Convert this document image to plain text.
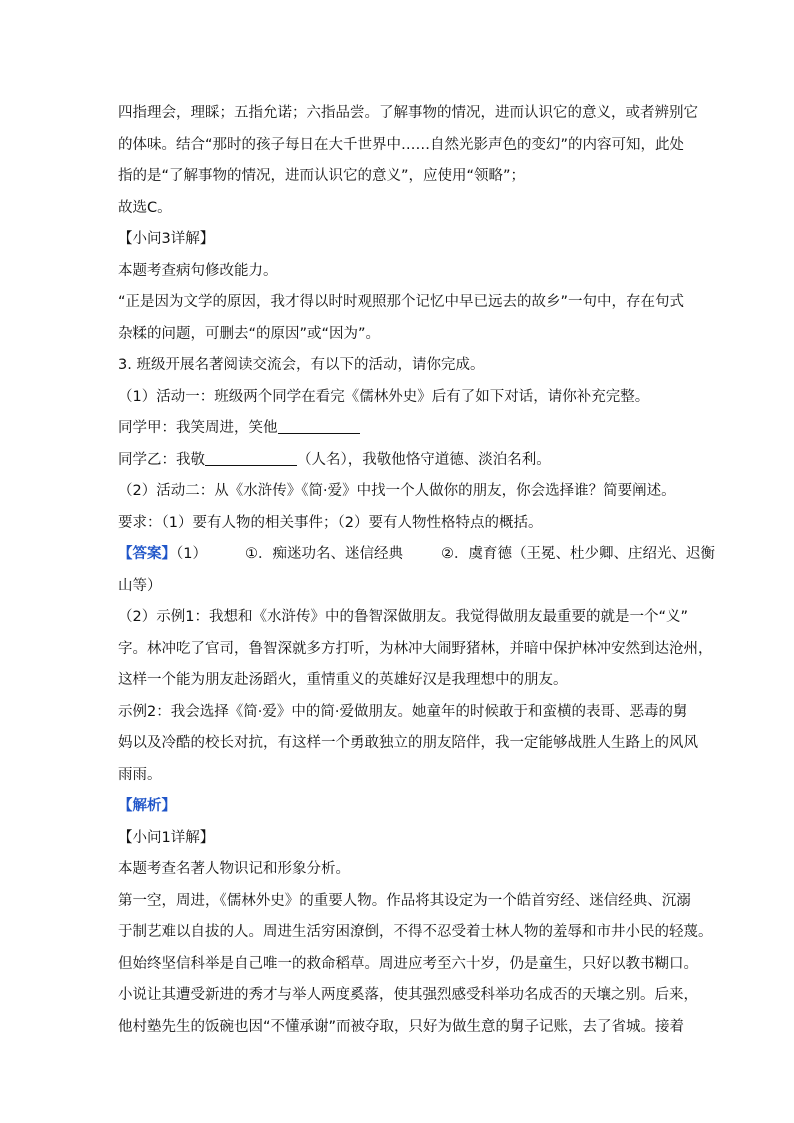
四指理会，理睬；五指允诺；六指品尝。了解事物的情况，进而认识它的意义，或者辨别它
的体味。结合“那时的孩子每日在大千世界中……自然光影声色的变幻”的内容可知，此处
指的是“了解事物的情况，进而认识它的意义”，应使用“领略”；
故选C。
【小问3详解】
本题考查病句修改能力。
“正是因为文学的原因，我才得以时时观照那个记忆中早已远去的故乡”一句中，存在句式
杂糅的问题，可删去“的原因”或“因为”。
3. 班级开展名著阅读交流会，有以下的活动，请你完成。
（1）活动一：班级两个同学在看完《儒林外史》后有了如下对话，请你补充完整。
同学甲：我笑周进，笑他
同学乙：我敬	（人名），我敬他恪守道德、淡泊名利。
（2）活动二：从《水浒传》《简·爱》中找一个人做你的朋友，你会选择谁？简要阐述。
要求：（1）要有人物的相关事件；（2）要有人物性格特点的概括。
【答案】（1）	①．痴迷功名、迷信经典	②．虞育德（王冕、杜少卿、庄绍光、迟衡
山等）
（2）示例1：我想和《水浒传》中的鲁智深做朋友。我觉得做朋友最重要的就是一个“义”
字。林冲吃了官司，鲁智深就多方打听，为林冲大闹野猪林，并暗中保护林冲安然到达沧州，
这样一个能为朋友赴汤蹈火，重情重义的英雄好汉是我理想中的朋友。
示例2：我会选择《简·爱》中的简·爱做朋友。她童年的时候敢于和蛮横的表哥、恶毒的舅
妈以及冷酷的校长对抗，有这样一个勇敢独立的朋友陪伴，我一定能够战胜人生路上的风风
雨雨。
【解析】
【小问1详解】
本题考查名著人物识记和形象分析。
第一空，周进，《儒林外史》的重要人物。作品将其设定为一个皓首穷经、迷信经典、沉溺
于制艺难以自拔的人。周进生活穷困潦倒，不得不忍受着士林人物的羞辱和市井小民的轻蔑。
但始终坚信科举是自己唯一的救命稻草。周进应考至六十岁，仍是童生，只好以教书糊口。
小说让其遭受新进的秀才与举人两度奚落，使其强烈感受科举功名成否的天壤之别。后来，
他村塾先生的饭碗也因“不懂承谢”而被夺取，只好为做生意的舅子记账，去了省城。接着
